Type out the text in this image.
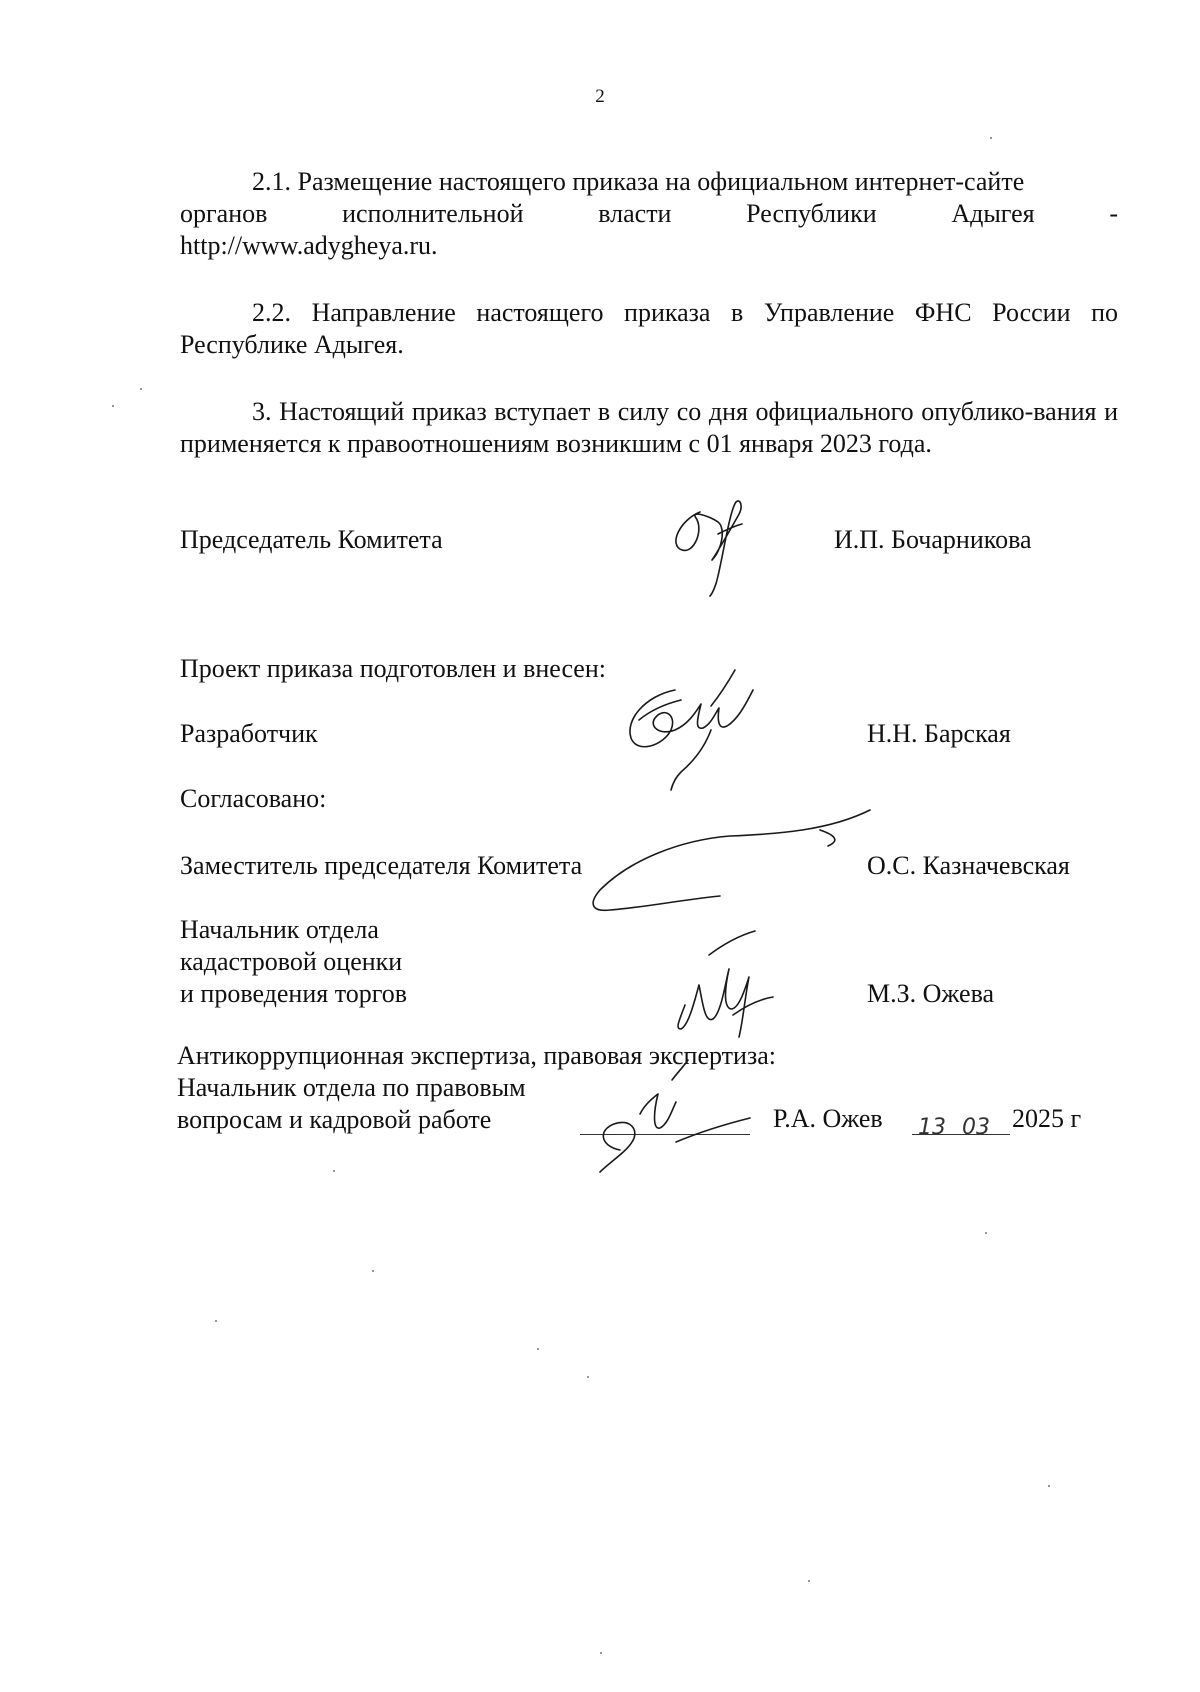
2
2.1. Размещение настоящего приказа на официальном интернет-сайте
органов исполнительной власти Республики Адыгея -
http://www.adygheya.ru.
2.2. Направление настоящего приказа в Управление ФНС России по Республике Адыгея.
3. Настоящий приказ вступает в силу со дня официального опублико-вания и применяется к правоотношениям возникшим с 01 января 2023 года.
Председатель Комитета	И.П. Бочарникова
Проект приказа подготовлен и внесен:
Разработчик	Н.Н. Барская
Согласовано:
Заместитель председателя Комитета	О.С. Казначевская
Начальник отдела
кадастровой оценки
и проведения торгов	М.З. Ожева
Антикоррупционная экспертиза, правовая экспертиза:
Начальник отдела по правовым
вопросам и кадровой работе	Р.А. Ожев 13 03 2025 г
